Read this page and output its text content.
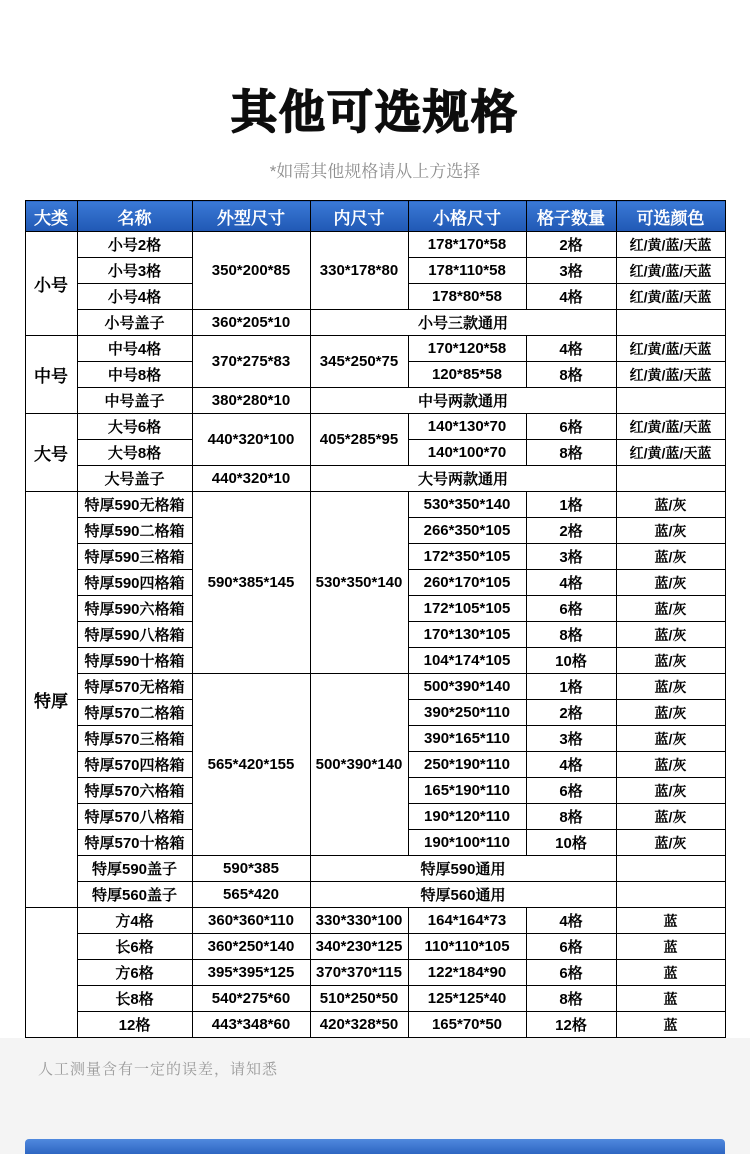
其他可选规格
*如需其他规格请从上方选择
大类	名称	外型尺寸	内尺寸	小格尺寸	格子数量	可选颜色
小号	小号2格	350*200*85	330*178*80	178*170*58	2格	红/黄/蓝/天蓝
	小号3格			178*110*58	3格	红/黄/蓝/天蓝
	小号4格			178*80*58	4格	红/黄/蓝/天蓝
	小号盖子	360*205*10	小号三款通用			
中号	中号4格	370*275*83	345*250*75	170*120*58	4格	红/黄/蓝/天蓝
	中号8格			120*85*58	8格	红/黄/蓝/天蓝
	中号盖子	380*280*10	中号两款通用			
大号	大号6格	440*320*100	405*285*95	140*130*70	6格	红/黄/蓝/天蓝
	大号8格			140*100*70	8格	红/黄/蓝/天蓝
	大号盖子	440*320*10	大号两款通用			
特厚	特厚590无格箱	590*385*145	530*350*140	530*350*140	1格	蓝/灰
	特厚590二格箱			266*350*105	2格	蓝/灰
	特厚590三格箱			172*350*105	3格	蓝/灰
	特厚590四格箱			260*170*105	4格	蓝/灰
	特厚590六格箱			172*105*105	6格	蓝/灰
	特厚590八格箱			170*130*105	8格	蓝/灰
	特厚590十格箱			104*174*105	10格	蓝/灰
	特厚570无格箱	565*420*155	500*390*140	500*390*140	1格	蓝/灰
	特厚570二格箱			390*250*110	2格	蓝/灰
	特厚570三格箱			390*165*110	3格	蓝/灰
	特厚570四格箱			250*190*110	4格	蓝/灰
	特厚570六格箱			165*190*110	6格	蓝/灰
	特厚570八格箱			190*120*110	8格	蓝/灰
	特厚570十格箱			190*100*110	10格	蓝/灰
	特厚590盖子	590*385	特厚590通用			
	特厚560盖子	565*420	特厚560通用			
	方4格	360*360*110	330*330*100	164*164*73	4格	蓝
	长6格	360*250*140	340*230*125	110*110*105	6格	蓝
	方6格	395*395*125	370*370*115	122*184*90	6格	蓝
	长8格	540*275*60	510*250*50	125*125*40	8格	蓝
	12格	443*348*60	420*328*50	165*70*50	12格	蓝
人工测量含有一定的误差，请知悉
